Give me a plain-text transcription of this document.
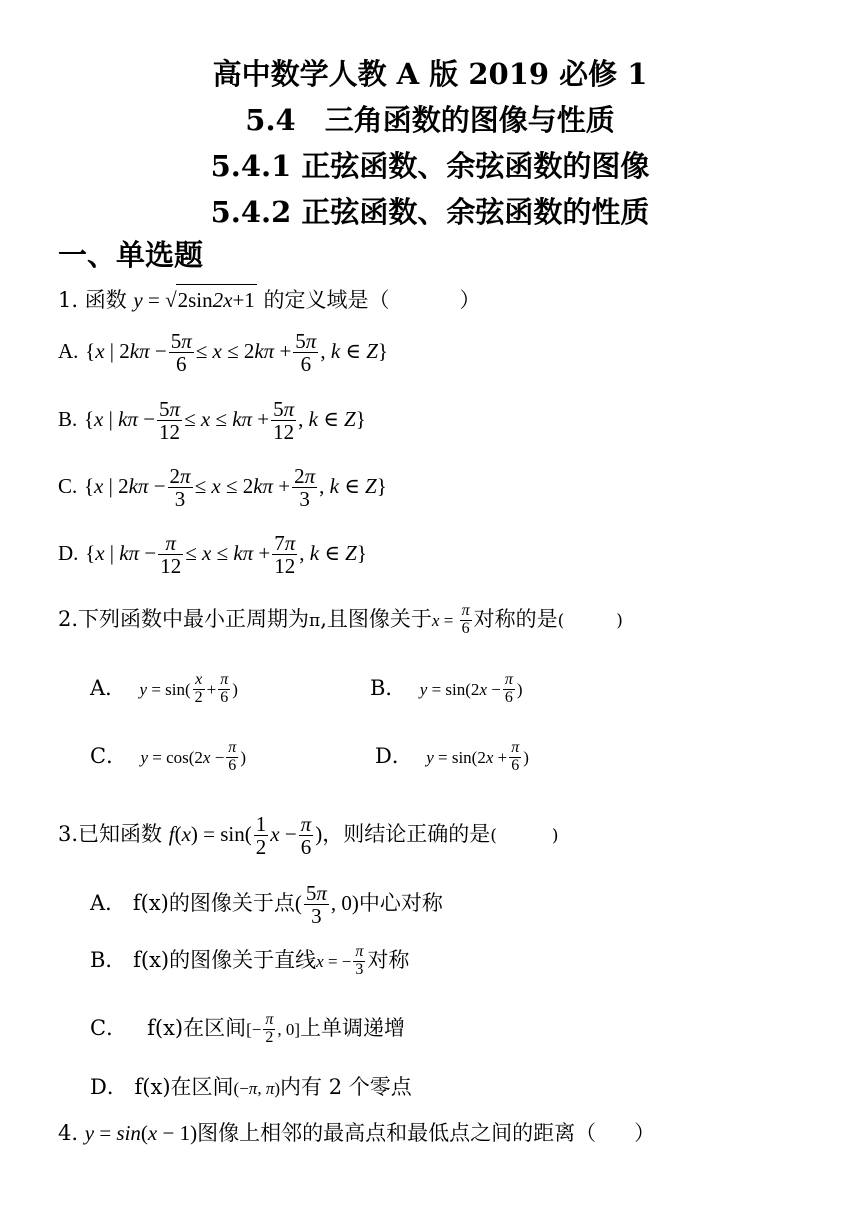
高中数学人教 A 版 2019 必修 1
5.4　三角函数的图像与性质
5.4.1 正弦函数、余弦函数的图像
5.4.2 正弦函数、余弦函数的性质
一、单选题
1. 函数 y = √2sin2x+1 的定义域是（	）
A. {x | $2k\pi - \frac{5\pi}{6} \le x \le 2k\pi + \frac{5\pi}{6}$ , k ∈ Z}
B. {x | $k\pi - \frac{5\pi}{12} \le x \le k\pi + \frac{5\pi}{12}$ , k ∈ Z}
C. {x | $2k\pi - \frac{2\pi}{3} \le x \le 2k\pi + \frac{2\pi}{3}$ , k ∈ Z}
D. {x | $k\pi - \frac{\pi}{12} \le x \le k\pi + \frac{7\pi}{12}$ , k ∈ Z}
2.下列函数中最小正周期为π,且图像关于$x = \frac{\pi}{6}$ 对称的是(	)
A． $y = \sin( \frac{x}{2} + \frac{\pi}{6}$ )	B． $y = \sin(2x - \frac{\pi}{6}$ )
C． $y = \cos(2x - \frac{\pi}{6}$ )	D． $y = \sin(2x + \frac{\pi}{6}$ )
3.已知函数 $f(x) = \sin( \frac{1}{2}$ $x - \frac{\pi}{6}$ )，则结论正确的是(	)
A． f(x)的图像关于点( $\frac{5\pi}{3}$ , 0)中心对称
B． f(x)的图像关于直线x = − $\frac{\pi}{3}$ 对称
C． f(x)在区间[− $\frac{\pi}{2}$ , 0]上单调递增
D． f(x)在区间(−π, π)内有 2 个零点
4. y = sin(x − 1)图像上相邻的最高点和最低点之间的距离（ ）
